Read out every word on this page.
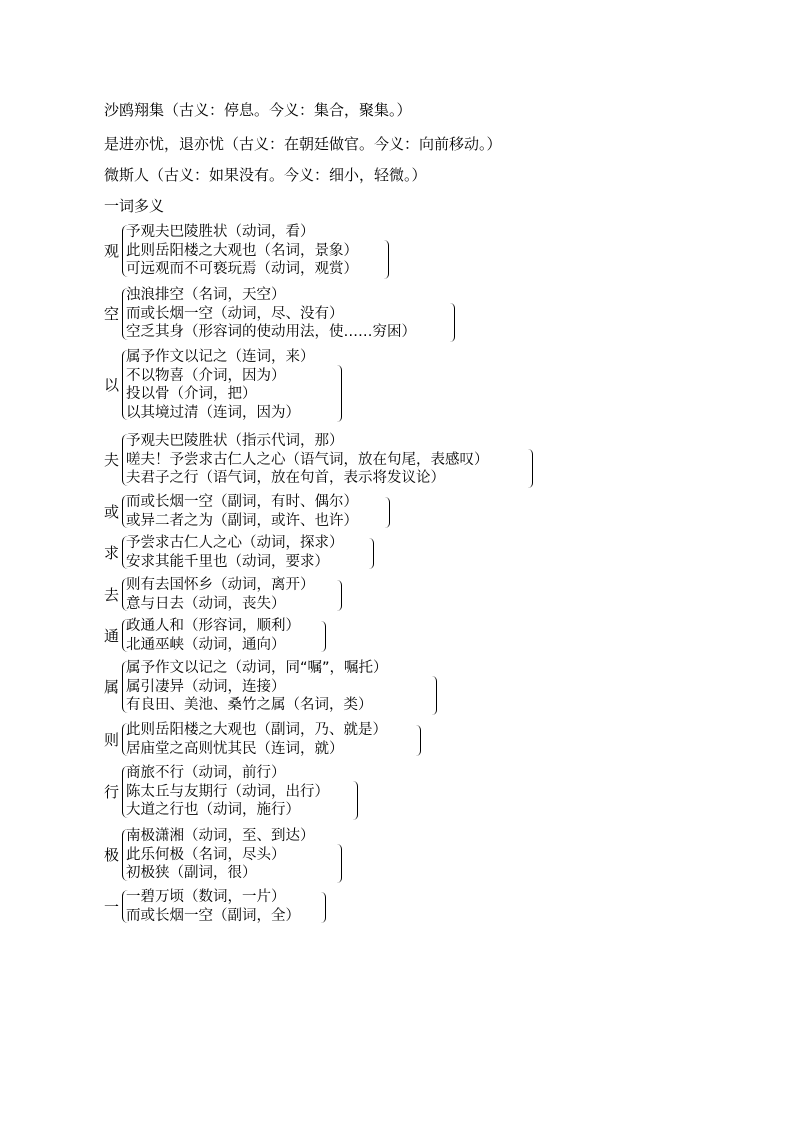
沙鸥翔集（古义：停息。今义：集合，聚集。）
是进亦忧，退亦忧（古义：在朝廷做官。今义：向前移动。）
微斯人（古义：如果没有。今义：细小，轻微。）
一词多义
观
予观夫巴陵胜状（动词，看）
此则岳阳楼之大观也（名词，景象）
可远观而不可亵玩焉（动词，观赏）
空
浊浪排空（名词，天空）
而或长烟一空（动词，尽、没有）
空乏其身（形容词的使动用法，使……穷困）
以
属予作文以记之（连词，来）
不以物喜（介词，因为）
投以骨（介词，把）
以其境过清（连词，因为）
夫
予观夫巴陵胜状（指示代词，那）
嗟夫！予尝求古仁人之心（语气词，放在句尾，表感叹）
夫君子之行（语气词，放在句首，表示将发议论）
或
而或长烟一空（副词，有时、偶尔）
或异二者之为（副词，或许、也许）
求
予尝求古仁人之心（动词，探求）
安求其能千里也（动词，要求）
去
则有去国怀乡（动词，离开）
意与日去（动词，丧失）
通
政通人和（形容词，顺利）
北通巫峡（动词，通向）
属
属予作文以记之（动词，同“嘱”，嘱托）
属引凄异（动词，连接）
有良田、美池、桑竹之属（名词，类）
则
此则岳阳楼之大观也（副词，乃、就是）
居庙堂之高则忧其民（连词，就）
行
商旅不行（动词，前行）
陈太丘与友期行（动词，出行）
大道之行也（动词，施行）
极
南极潇湘（动词，至、到达）
此乐何极（名词，尽头）
初极狭（副词，很）
一
一碧万顷（数词，一片）
而或长烟一空（副词，全）
